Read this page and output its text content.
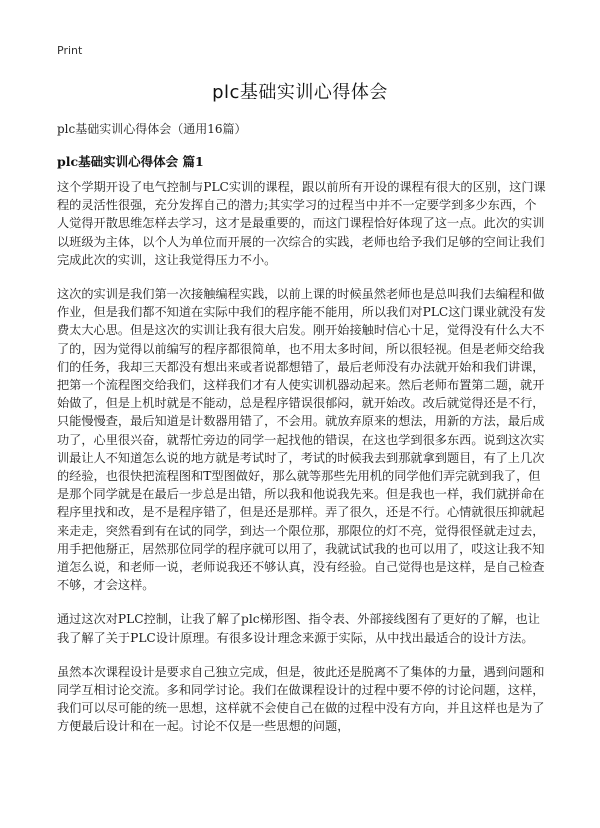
Print
plc基础实训心得体会
plc基础实训心得体会（通用16篇）
plc基础实训心得体会 篇1

这个学期开设了电气控制与PLC实训的课程，跟以前所有开设的课程有很大的区别，这门课程的灵活性很强，充分发挥自己的潜力;其实学习的过程当中并不一定要学到多少东西，个人觉得开散思维怎样去学习，这才是最重要的，而这门课程恰好体现了这一点。此次的实训以班级为主体，以个人为单位而开展的一次综合的实践，老师也给予我们足够的空间让我们完成此次的实训，这让我觉得压力不小。

这次的实训是我们第一次接触编程实践，以前上课的时候虽然老师也是总叫我们去编程和做作业，但是我们都不知道在实际中我们的程序能不能用，所以我们对PLC这门课业就没有发费太大心思。但是这次的实训让我有很大启发。刚开始接触时信心十足，觉得没有什么大不了的，因为觉得以前编写的程序都很简单，也不用太多时间，所以很轻视。但是老师交给我们的任务，我却三天都没有想出来或者说都想错了，最后老师没有办法就开始和我们讲课，把第一个流程图交给我们，这样我们才有人使实训机器动起来。然后老师布置第二题，就开始做了，但是上机时就是不能动，总是程序错误很郁闷，就开始改。改后就觉得还是不行，只能慢慢查，最后知道是计数器用错了，不会用。就放弃原来的想法，用新的方法，最后成功了，心里很兴奋，就帮忙旁边的同学一起找他的错误，在这也学到很多东西。说到这次实训最让人不知道怎么说的地方就是考试时了，考试的时候我去到那就拿到题目，有了上几次的经验，也很快把流程图和T型图做好，那么就等那些先用机的同学他们弄完就到我了，但是那个同学就是在最后一步总是出错，所以我和他说我先来。但是我也一样，我们就拼命在程序里找和改，是不是程序错了，但是还是那样。弄了很久，还是不行。心情就很压抑就起来走走，突然看到有在试的同学，到达一个限位那，那限位的灯不亮，觉得很怪就走过去，用手把他掰正，居然那位同学的程序就可以用了，我就试试我的也可以用了，哎这让我不知道怎么说，和老师一说，老师说我还不够认真，没有经验。自己觉得也是这样，是自己检查不够，才会这样。

通过这次对PLC控制，让我了解了plc梯形图、指令表、外部接线图有了更好的了解，也让我了解了关于PLC设计原理。有很多设计理念来源于实际，从中找出最适合的设计方法。

虽然本次课程设计是要求自己独立完成，但是，彼此还是脱离不了集体的力量，遇到问题和同学互相讨论交流。多和同学讨论。我们在做课程设计的过程中要不停的讨论问题，这样，我们可以尽可能的统一思想，这样就不会使自己在做的过程中没有方向，并且这样也是为了方便最后设计和在一起。讨论不仅是一些思想的问题，
